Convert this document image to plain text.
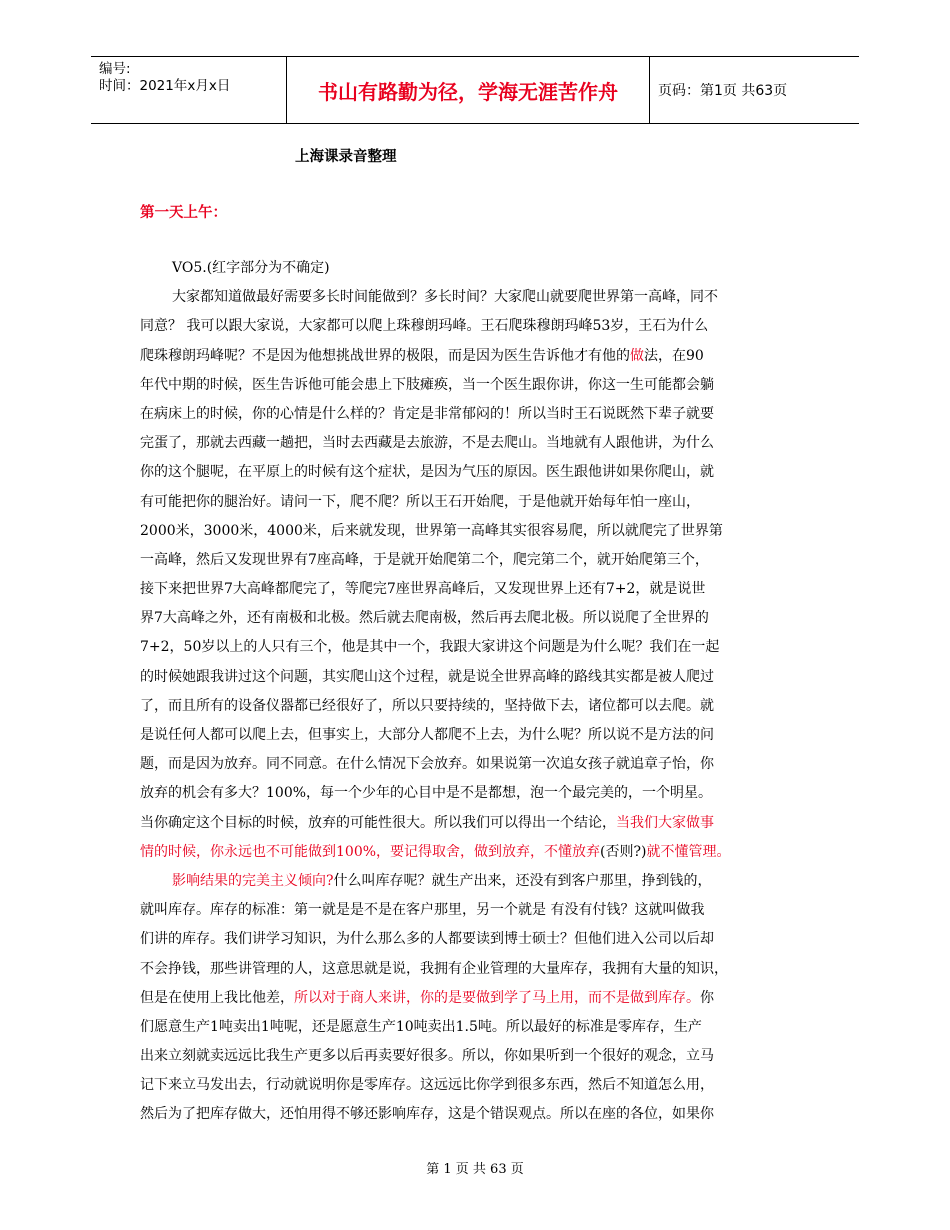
编号:
时间：2021年x月x日	书山有路勤为径，学海无涯苦作舟	页码：第1页 共63页
上海课录音整理
第一天上午：
VO5.(红字部分为不确定)
大家都知道做最好需要多长时间能做到？多长时间？大家爬山就要爬世界第一高峰，同不
同意？ 我可以跟大家说，大家都可以爬上珠穆朗玛峰。王石爬珠穆朗玛峰53岁，王石为什么
爬珠穆朗玛峰呢？不是因为他想挑战世界的极限，而是因为医生告诉他才有他的做法，在90
年代中期的时候，医生告诉他可能会患上下肢瘫痪，当一个医生跟你讲，你这一生可能都会躺
在病床上的时候，你的心情是什么样的？肯定是非常郁闷的！所以当时王石说既然下辈子就要
完蛋了，那就去西藏一趟把，当时去西藏是去旅游，不是去爬山。当地就有人跟他讲，为什么
你的这个腿呢，在平原上的时候有这个症状，是因为气压的原因。医生跟他讲如果你爬山，就
有可能把你的腿治好。请问一下，爬不爬？所以王石开始爬，于是他就开始每年怕一座山，
2000米，3000米，4000米，后来就发现，世界第一高峰其实很容易爬，所以就爬完了世界第
一高峰，然后又发现世界有7座高峰，于是就开始爬第二个，爬完第二个，就开始爬第三个，
接下来把世界7大高峰都爬完了，等爬完7座世界高峰后，又发现世界上还有7+2，就是说世
界7大高峰之外，还有南极和北极。然后就去爬南极，然后再去爬北极。所以说爬了全世界的
7+2，50岁以上的人只有三个，他是其中一个，我跟大家讲这个问题是为什么呢？我们在一起
的时候她跟我讲过这个问题，其实爬山这个过程，就是说全世界高峰的路线其实都是被人爬过
了，而且所有的设备仪器都已经很好了，所以只要持续的，坚持做下去，诸位都可以去爬。就
是说任何人都可以爬上去，但事实上，大部分人都爬不上去，为什么呢？所以说不是方法的问
题，而是因为放弃。同不同意。在什么情况下会放弃。如果说第一次追女孩子就追章子怡，你
放弃的机会有多大？100%，每一个少年的心目中是不是都想，泡一个最完美的，一个明星。
当你确定这个目标的时候，放弃的可能性很大。所以我们可以得出一个结论，当我们大家做事
情的时候，你永远也不可能做到100%，要记得取舍，做到放弃，不懂放弃(否则?)就不懂管理。
影响结果的完美主义倾向?什么叫库存呢？就生产出来，还没有到客户那里，挣到钱的，
就叫库存。库存的标准：第一就是是不是在客户那里，另一个就是 有没有付钱？这就叫做我
们讲的库存。我们讲学习知识，为什么那么多的人都要读到博士硕士？但他们进入公司以后却
不会挣钱，那些讲管理的人，这意思就是说，我拥有企业管理的大量库存，我拥有大量的知识，
但是在使用上我比他差，所以对于商人来讲，你的是要做到学了马上用，而不是做到库存。你
们愿意生产1吨卖出1吨呢，还是愿意生产10吨卖出1.5吨。所以最好的标准是零库存，生产
出来立刻就卖远远比我生产更多以后再卖要好很多。所以，你如果听到一个很好的观念，立马
记下来立马发出去，行动就说明你是零库存。这远远比你学到很多东西，然后不知道怎么用，
然后为了把库存做大，还怕用得不够还影响库存，这是个错误观点。所以在座的各位，如果你
第 1 页 共 63 页
